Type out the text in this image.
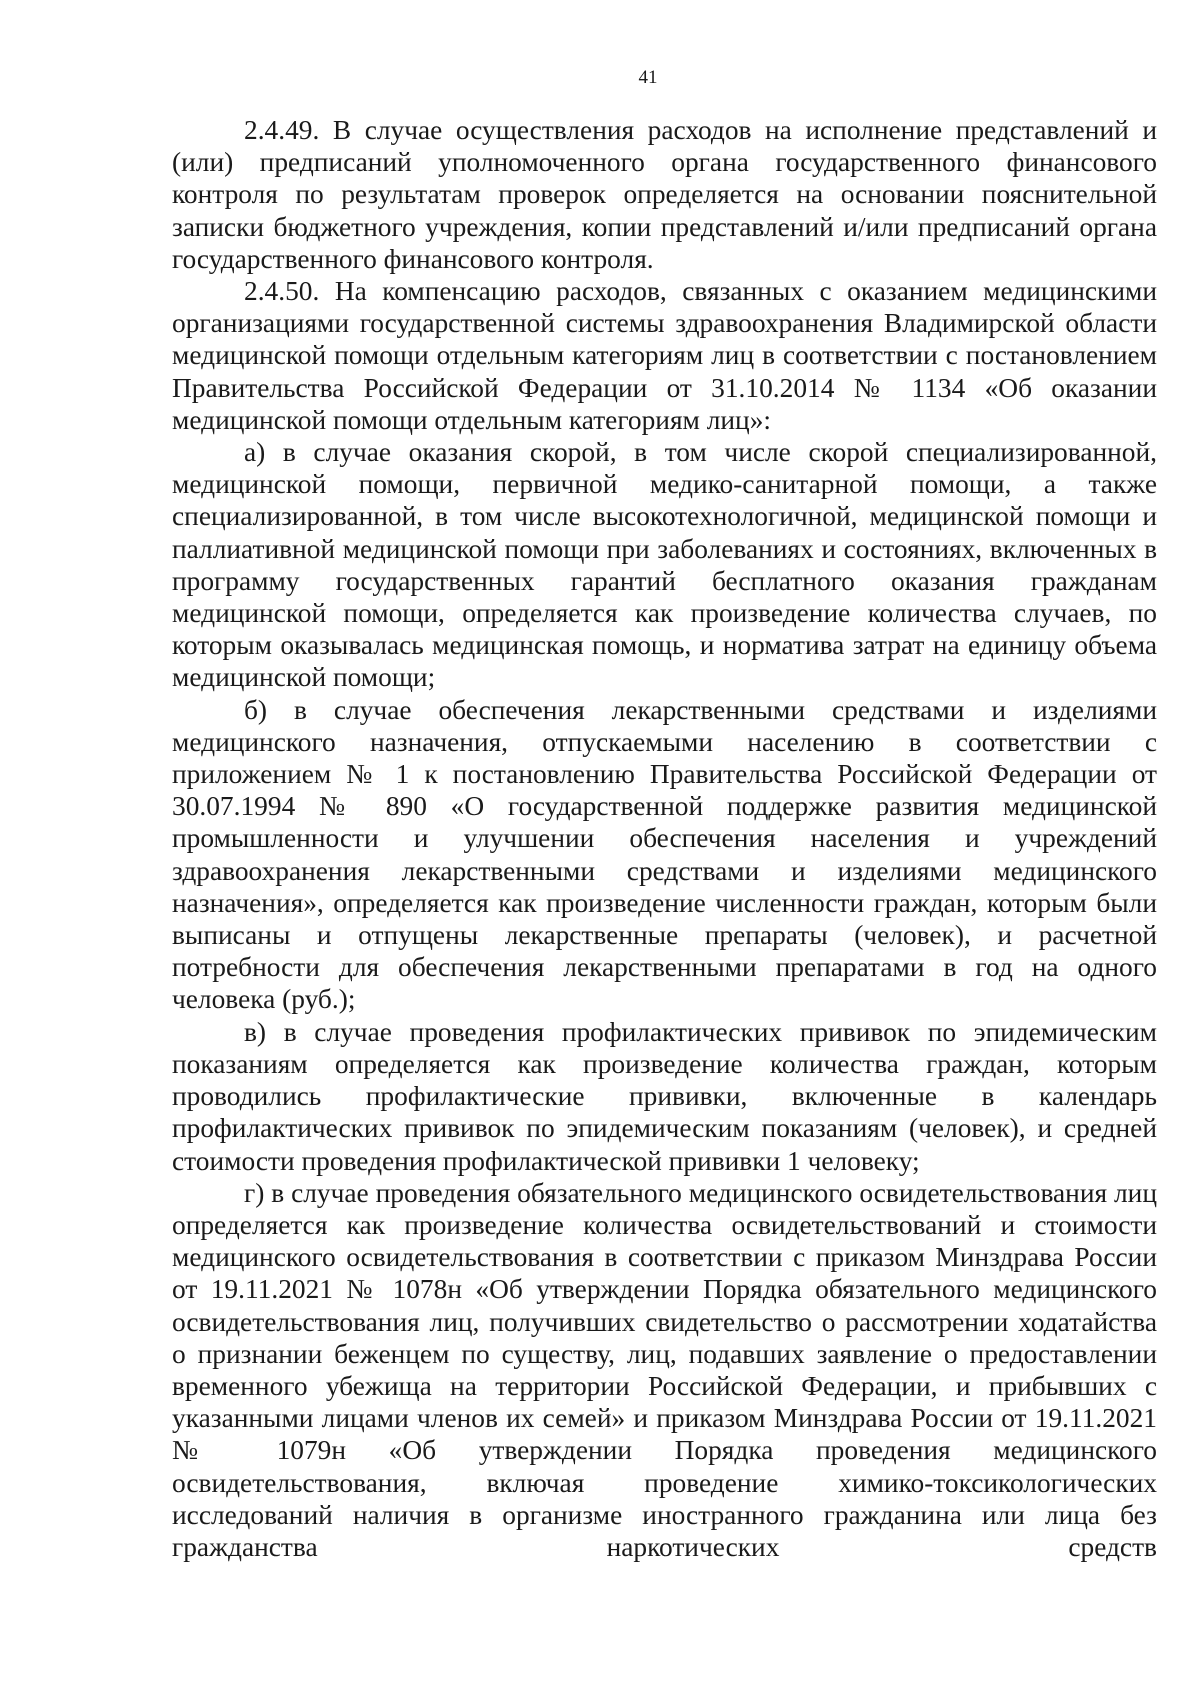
41

2.4.49. В случае осуществления расходов на исполнение представлений и (или) предписаний уполномоченного органа государственного финансового контроля по результатам проверок определяется на основании пояснительной записки бюджетного учреждения, копии представлений и/или предписаний органа государственного финансового контроля.

2.4.50. На компенсацию расходов, связанных с оказанием медицинскими организациями государственной системы здравоохранения Владимирской области медицинской помощи отдельным категориям лиц в соответствии с постановлением Правительства Российской Федерации от 31.10.2014 № 1134 «Об оказании медицинской помощи отдельным категориям лиц»:

а) в случае оказания скорой, в том числе скорой специализированной, медицинской помощи, первичной медико-санитарной помощи, а также специализированной, в том числе высокотехнологичной, медицинской помощи и паллиативной медицинской помощи при заболеваниях и состояниях, включенных в программу государственных гарантий бесплатного оказания гражданам медицинской помощи, определяется как произведение количества случаев, по которым оказывалась медицинская помощь, и норматива затрат на единицу объема медицинской помощи;

б) в случае обеспечения лекарственными средствами и изделиями медицинского назначения, отпускаемыми населению в соответствии с приложением № 1 к постановлению Правительства Российской Федерации от 30.07.1994 № 890 «О государственной поддержке развития медицинской промышленности и улучшении обеспечения населения и учреждений здравоохранения лекарственными средствами и изделиями медицинского назначения», определяется как произведение численности граждан, которым были выписаны и отпущены лекарственные препараты (человек), и расчетной потребности для обеспечения лекарственными препаратами в год на одного человека (руб.);

в) в случае проведения профилактических прививок по эпидемическим показаниям определяется как произведение количества граждан, которым проводились профилактические прививки, включенные в календарь профилактических прививок по эпидемическим показаниям (человек), и средней стоимости проведения профилактической прививки 1 человеку;

г) в случае проведения обязательного медицинского освидетельствования лиц определяется как произведение количества освидетельствований и стоимости медицинского освидетельствования в соответствии с приказом Минздрава России от 19.11.2021 № 1078н «Об утверждении Порядка обязательного медицинского освидетельствования лиц, получивших свидетельство о рассмотрении ходатайства о признании беженцем по существу, лиц, подавших заявление о предоставлении временного убежища на территории Российской Федерации, и прибывших с указанными лицами членов их семей» и приказом Минздрава России от 19.11.2021 № 1079н «Об утверждении Порядка проведения медицинского освидетельствования, включая проведение химико-токсикологических исследований наличия в организме иностранного гражданина или лица без гражданства наркотических средств
